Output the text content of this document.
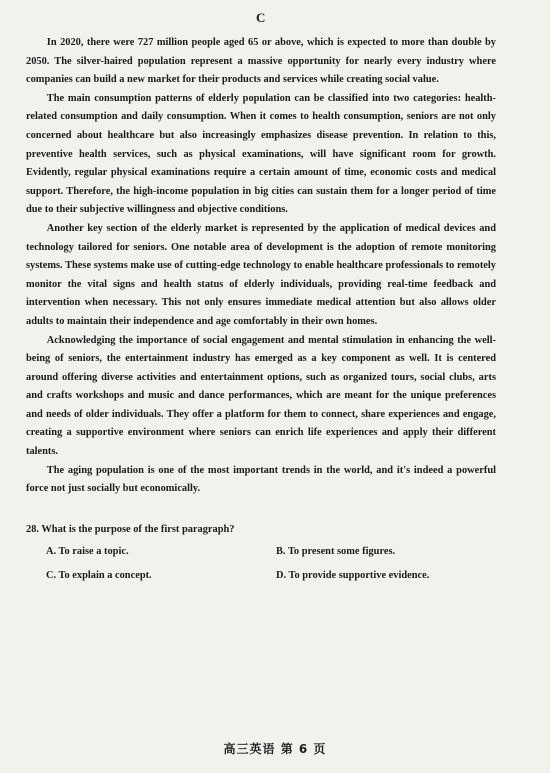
C

In 2020, there were 727 million people aged 65 or above, which is expected to more than double by 2050. The silver-haired population represent a massive opportunity for nearly every industry where companies can build a new market for their products and services while creating social value.

The main consumption patterns of elderly population can be classified into two categories: health-related consumption and daily consumption. When it comes to health consumption, seniors are not only concerned about healthcare but also increasingly emphasizes disease prevention. In relation to this, preventive health services, such as physical examinations, will have significant room for growth. Evidently, regular physical examinations require a certain amount of time, economic costs and medical support. Therefore, the high-income population in big cities can sustain them for a longer period of time due to their subjective willingness and objective conditions.

Another key section of the elderly market is represented by the application of medical devices and technology tailored for seniors. One notable area of development is the adoption of remote monitoring systems. These systems make use of cutting-edge technology to enable healthcare professionals to remotely monitor the vital signs and health status of elderly individuals, providing real-time feedback and intervention when necessary. This not only ensures immediate medical attention but also allows older adults to maintain their independence and age comfortably in their own homes.

Acknowledging the importance of social engagement and mental stimulation in enhancing the well-being of seniors, the entertainment industry has emerged as a key component as well. It is centered around offering diverse activities and entertainment options, such as organized tours, social clubs, arts and crafts workshops and music and dance performances, which are meant for the unique preferences and needs of older individuals. They offer a platform for them to connect, share experiences and engage, creating a supportive environment where seniors can enrich life experiences and apply their different talents.

The aging population is one of the most important trends in the world, and it's indeed a powerful force not just socially but economically.

28. What is the purpose of the first paragraph?
A. To raise a topic.	B. To present some figures.
C. To explain a concept.	D. To provide supportive evidence.
高三英语 第 6 页
